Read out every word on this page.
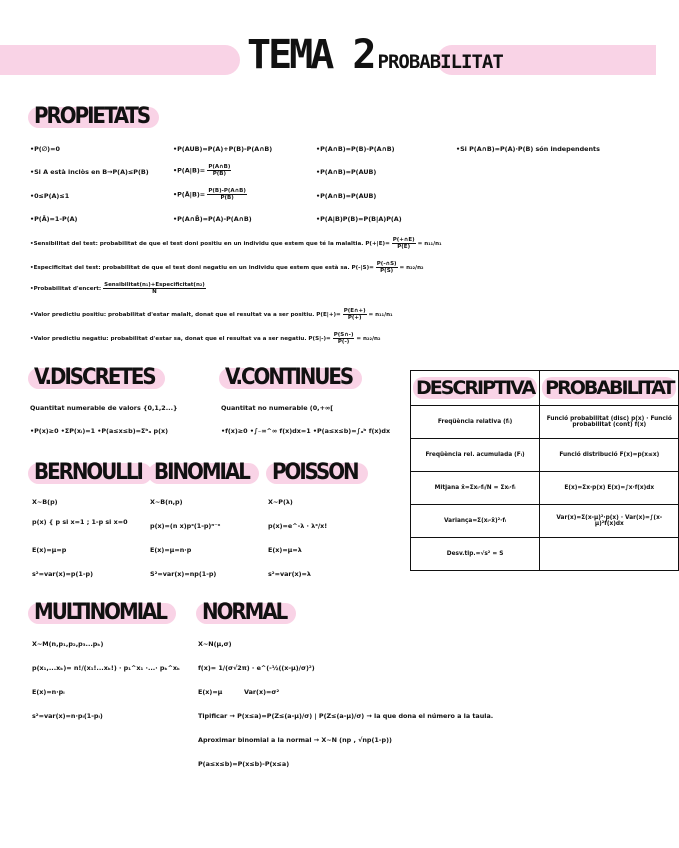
TEMA 2 PROBABILITAT
PROPIETATS
•P(∅)=0	•P(AUB)=P(A)+P(B)-P(A∩B)	•P(A∩B)=P(B)-P(A∩B)	•Si P(A∩B)=P(A)·P(B) són independents
•Si A està inclòs en B→P(A)≤P(B)	•P(A|B)= $\frac{P(A\cap B)}{P(B)}$	•P(A∩B)=P(AUB)
•0≤P(A)≤1	•P(Ā|B)= $\frac{P(B)-P(A\cap B)}{P(B)}$	•P(A∩B)=P(AUB)
•P(Ā)=1-P(A)	•P(A∩B̄)=P(A)-P(A∩B)	•P(A|B)P(B)=P(B|A)P(A)
•Sensibilitat del test: probabilitat de que el test doni positiu en un individu que estem que té la malaltia. $P(+|E)= \frac{P(+\cap E)}{P(E)} = n_{11}/n_1$
•Especificitat del test: probabilitat de que el test doni negatiu en un individu que estem que està sa. $P(-|S)= \frac{P(-\cap S)}{P(S)} = n_{22}/n_2$
•Probabilitat d'encert: $\frac{\text{Sensibilitat(n₁)+Especificitat(n₂)}}{N}$
•Valor predictiu positiu: probabilitat d'estar malalt, donat que el resultat va a ser positiu. $P(E|+)= \frac{P(E\cap+)}{P(+)} = n_{11}/n_1$
•Valor predictiu negatiu: probabilitat d'estar sa, donat que el resultat va a ser negatiu. $P(S|-)= \frac{P(S\cap-)}{P(-)} = n_{22}/n_2$
V.DISCRETES
Quantitat numerable de valors {0,1,2...}
•P(x)≥0 •ΣP(xᵢ)=1 •P(a≤x≤b)=Σᵇₐ p(x)
V.CONTINUES
Quantitat no numerable (0,+∞[
•f(x)≥0 •∫₋∞^∞ f(x)dx=1 •P(a≤x≤b)=∫ₐᵇ f(x)dx
BERNOULLI
X~B(p)
p(x) { p si x=1 ; 1-p si x=0
E(x)=μ=p
s²=var(x)=p(1-p)
BINOMIAL
X~B(n,p)
p(x)=(n x)pˣ(1-p)ⁿ⁻ˣ
E(x)=μ=n·p
S²=var(x)=np(1-p)
POISSON
X~P(λ)
p(x)=e^-λ · λˣ/x!
E(x)=μ=λ
s²=var(x)=λ
DESCRIPTIVA	PROBABILITAT
Freqüència relativa (fᵢ)	Funció probabilitat (disc) p(x) · Funció probabilitat (cont) f(x)
Freqüència rel. acumulada (Fᵢ)	Funció distribució F(x)=p(x≤x)
Mitjana x̄=Σxᵢ·fᵢ/N = Σxᵢ·fᵢ	E(x)=Σx·p(x) E(x)=∫x·f(x)dx
Variança=Σ(xᵢ-x̄)²·fᵢ	Var(x)=Σ(x-μ)²·p(x) · Var(x)=∫(x-μ)²f(x)dx
Desv.tip.=√s² = S	
MULTINOMIAL
X~M(n,p₁,p₂,p₃...pₖ)
p(x₁,...xₖ)= n!/(x₁!...xₖ!) · p₁^x₁ ·...· pₖ^xₖ
E(x)=n·pᵢ
s²=var(x)=n·pᵢ(1-pᵢ)
NORMAL
X~N(μ,σ)
f(x)= 1/(σ√2π) · e^(-½((x-μ)/σ)²)
E(x)=μ	Var(x)=σ²
Tipificar → P(x≤a)=P(Z≤(a-μ)/σ) | P(Z≤(a-μ)/σ) → la que dona el número a la taula.
Aproximar binomial a la normal → X~N (np , √np(1-p))
P(a≤x≤b)=P(x≤b)-P(x≤a)
